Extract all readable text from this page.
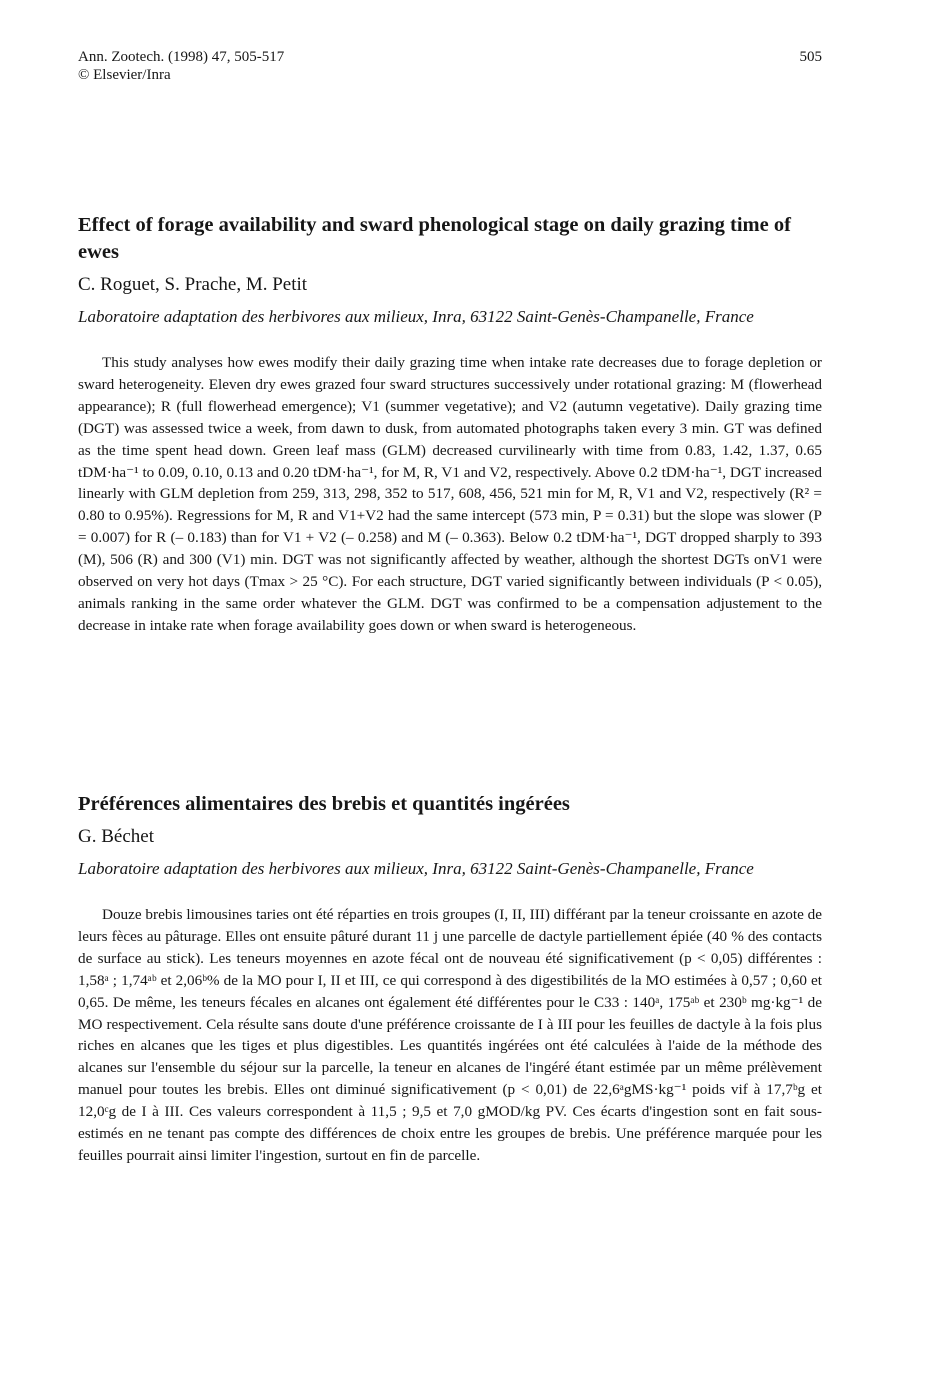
Ann. Zootech. (1998) 47, 505-517
© Elsevier/Inra
505
Effect of forage availability and sward phenological stage on daily grazing time of ewes
C. Roguet, S. Prache, M. Petit
Laboratoire adaptation des herbivores aux milieux, Inra, 63122 Saint-Genès-Champanelle, France

This study analyses how ewes modify their daily grazing time when intake rate decreases due to forage depletion or sward heterogeneity. Eleven dry ewes grazed four sward structures successively under rotational grazing: M (flowerhead appearance); R (full flowerhead emergence); V1 (summer vegetative); and V2 (autumn vegetative). Daily grazing time (DGT) was assessed twice a week, from dawn to dusk, from automated photographs taken every 3 min. GT was defined as the time spent head down. Green leaf mass (GLM) decreased curvilinearly with time from 0.83, 1.42, 1.37, 0.65 tDM·ha⁻¹ to 0.09, 0.10, 0.13 and 0.20 tDM·ha⁻¹, for M, R, V1 and V2, respectively. Above 0.2 tDM·ha⁻¹, DGT increased linearly with GLM depletion from 259, 313, 298, 352 to 517, 608, 456, 521 min for M, R, V1 and V2, respectively (R² = 0.80 to 0.95%). Regressions for M, R and V1+V2 had the same intercept (573 min, P = 0.31) but the slope was slower (P = 0.007) for R (– 0.183) than for V1 + V2 (– 0.258) and M (– 0.363). Below 0.2 tDM·ha⁻¹, DGT dropped sharply to 393 (M), 506 (R) and 300 (V1) min. DGT was not significantly affected by weather, although the shortest DGTs onV1 were observed on very hot days (Tmax > 25 °C). For each structure, DGT varied significantly between individuals (P < 0.05), animals ranking in the same order whatever the GLM. DGT was confirmed to be a compensation adjustement to the decrease in intake rate when forage availability goes down or when sward is heterogeneous.

Préférences alimentaires des brebis et quantités ingérées
G. Béchet
Laboratoire adaptation des herbivores aux milieux, Inra, 63122 Saint-Genès-Champanelle, France

Douze brebis limousines taries ont été réparties en trois groupes (I, II, III) différant par la teneur croissante en azote de leurs fèces au pâturage. Elles ont ensuite pâturé durant 11 j une parcelle de dactyle partiellement épiée (40 % des contacts de surface au stick). Les teneurs moyennes en azote fécal ont de nouveau été significativement (p < 0,05) différentes : 1,58ᵃ ; 1,74ᵃᵇ et 2,06ᵇ% de la MO pour I, II et III, ce qui correspond à des digestibilités de la MO estimées à 0,57 ; 0,60 et 0,65. De même, les teneurs fécales en alcanes ont également été différentes pour le C33 : 140ᵃ, 175ᵃᵇ et 230ᵇ mg·kg⁻¹ de MO respectivement. Cela résulte sans doute d'une préférence croissante de I à III pour les feuilles de dactyle à la fois plus riches en alcanes que les tiges et plus digestibles. Les quantités ingérées ont été calculées à l'aide de la méthode des alcanes sur l'ensemble du séjour sur la parcelle, la teneur en alcanes de l'ingéré étant estimée par un même prélèvement manuel pour toutes les brebis. Elles ont diminué significativement (p < 0,01) de 22,6ᵃgMS·kg⁻¹ poids vif à 17,7ᵇg et 12,0ᶜg de I à III. Ces valeurs correspondent à 11,5 ; 9,5 et 7,0 gMOD/kg PV. Ces écarts d'ingestion sont en fait sous-estimés en ne tenant pas compte des différences de choix entre les groupes de brebis. Une préférence marquée pour les feuilles pourrait ainsi limiter l'ingestion, surtout en fin de parcelle.
